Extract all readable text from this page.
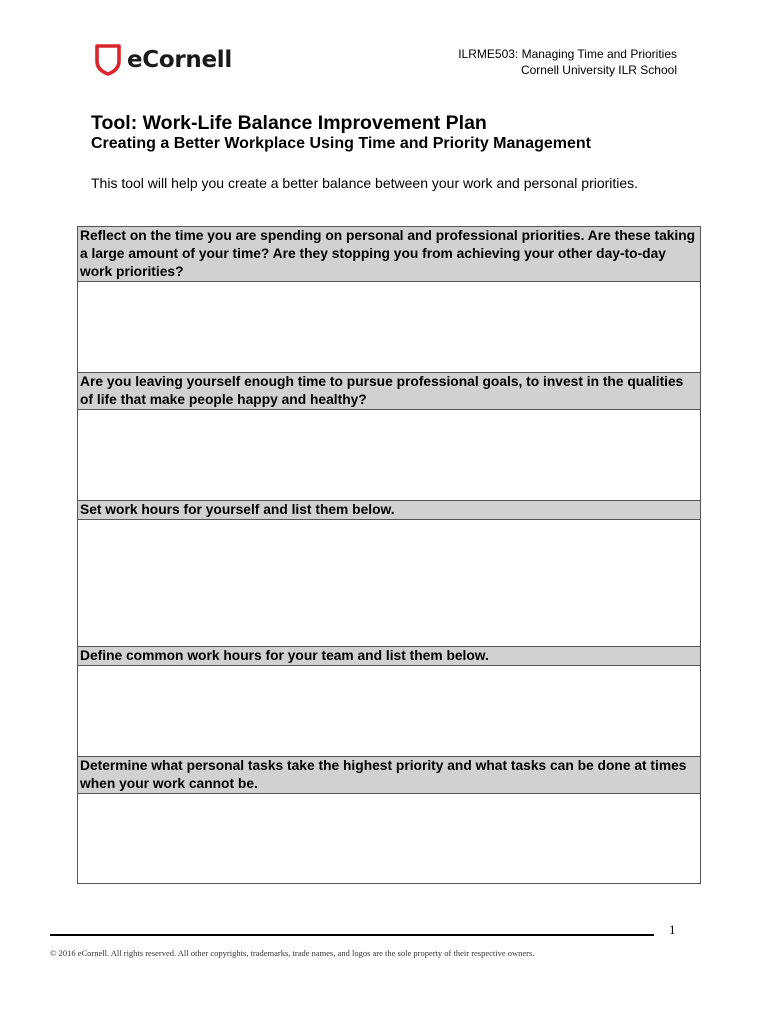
eCornell	ILRME503: Managing Time and Priorities
Cornell University ILR School
Tool: Work-Life Balance Improvement Plan
Creating a Better Workplace Using Time and Priority Management
This tool will help you create a better balance between your work and personal priorities.
Reflect on the time you are spending on personal and professional priorities. Are these taking a large amount of your time? Are they stopping you from achieving your other day-to-day work priorities?

Are you leaving yourself enough time to pursue professional goals, to invest in the qualities of life that make people happy and healthy?

Set work hours for yourself and list them below.

Define common work hours for your team and list them below.

Determine what personal tasks take the highest priority and what tasks can be done at times when your work cannot be.

1
© 2016 eCornell. All rights reserved. All other copyrights, trademarks, trade names, and logos are the sole property of their respective owners.
